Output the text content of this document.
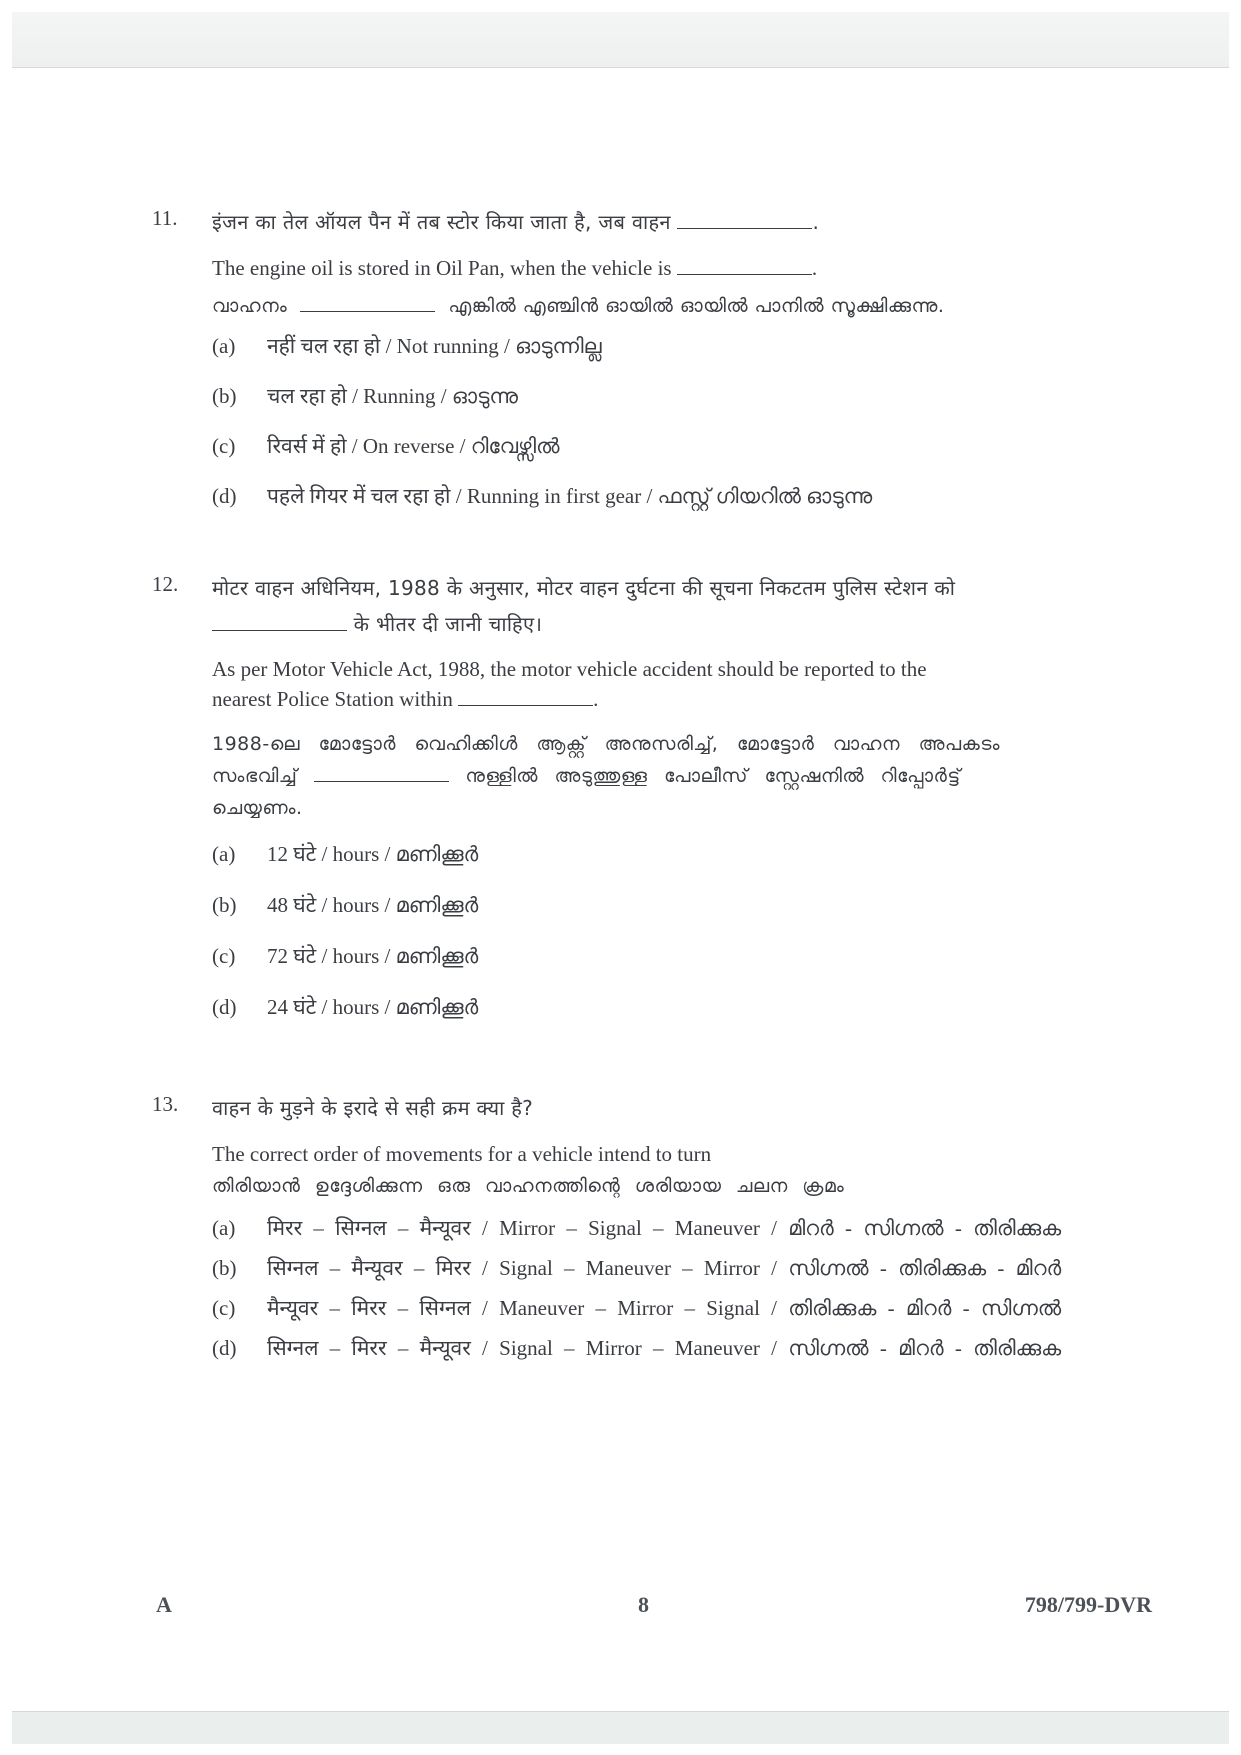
11. इंजन का तेल ऑयल पैन में तब स्टोर किया जाता है, जब वाहन	.

The engine oil is stored in Oil Pan, when the vehicle is	.

വാഹനം	എങ്കിൽ എഞ്ചിൻ ഓയിൽ ഓയിൽ പാനിൽ സൂക്ഷിക്കുന്നു.

(a) नहीं चल रहा हो / Not running / ഓടുന്നില്ല
(b) चल रहा हो / Running / ഓടുന്നു
(c) रिवर्स में हो / On reverse / റിവേഴ്സിൽ
(d) पहले गियर में चल रहा हो / Running in first gear / ഫസ്റ്റ് ഗിയറിൽ ഓടുന്നു
12. मोटर वाहन अधिनियम, 1988 के अनुसार, मोटर वाहन दुर्घटना की सूचना निकटतम पुलिस स्टेशन को

के भीतर दी जानी चाहिए।

As per Motor Vehicle Act, 1988, the motor vehicle accident should be reported to the

nearest Police Station within	.

1988-ലെ മോട്ടോർ വെഹിക്കിൾ ആക്റ്റ് അനുസരിച്ച്, മോട്ടോർ വാഹന അപകടം

സംഭവിച്ച്	നുള്ളിൽ അടുത്തുള്ള പോലീസ് സ്റ്റേഷനിൽ റിപ്പോർട്ട്

ചെയ്യണം.

(a) 12 घंटे / hours / മണിക്കൂർ
(b) 48 घंटे / hours / മണിക്കൂർ
(c) 72 घंटे / hours / മണിക്കൂർ
(d) 24 घंटे / hours / മണിക്കൂർ
13. वाहन के मुड़ने के इरादे से सही क्रम क्या है?

The correct order of movements for a vehicle intend to turn

തിരിയാൻ ഉദ്ദേശിക്കുന്ന ഒരു വാഹനത്തിന്റെ ശരിയായ ചലന ക്രമം

(a) मिरर – सिग्नल – मैन्यूवर / Mirror – Signal – Maneuver / മിറർ - സിഗ്നൽ - തിരിക്കുക
(b) सिग्नल – मैन्यूवर – मिरर / Signal – Maneuver – Mirror / സിഗ്നൽ - തിരിക്കുക - മിറർ
(c) मैन्यूवर – मिरर – सिग्नल / Maneuver – Mirror – Signal / തിരിക്കുക - മിറർ - സിഗ്നൽ
(d) सिग्नल – मिरर – मैन्यूवर / Signal – Mirror – Maneuver / സിഗ്നൽ - മിറർ - തിരിക്കുക
A	8	798/799-DVR
